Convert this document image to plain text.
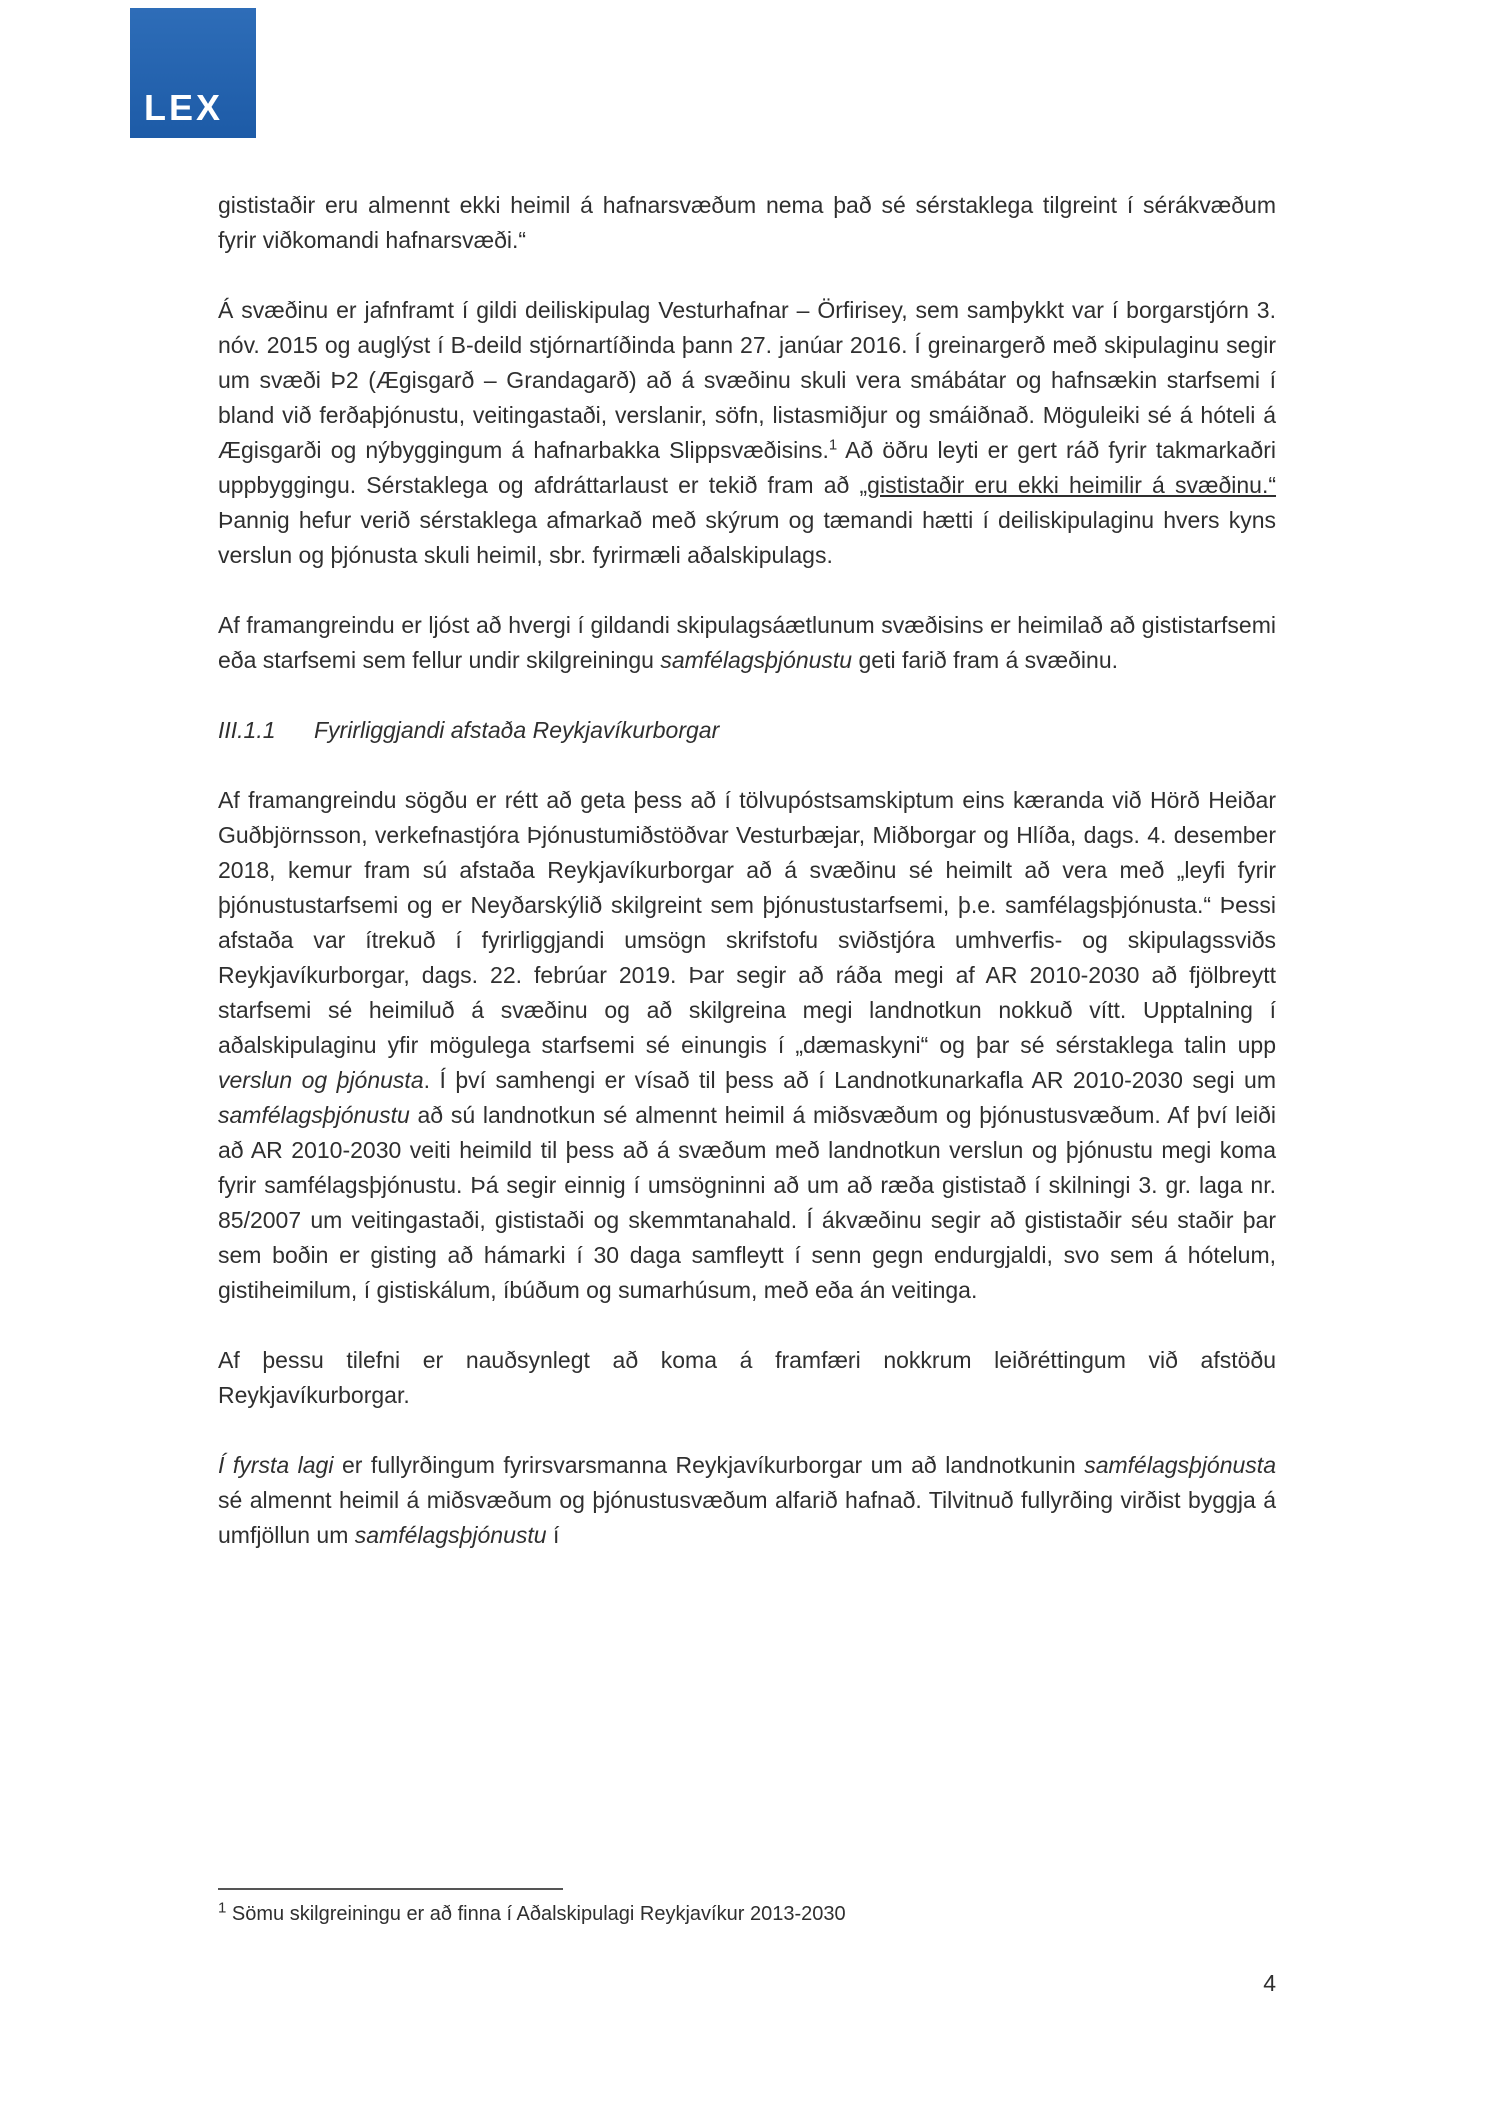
LEX

gististaðir eru almennt ekki heimil á hafnarsvæðum nema það sé sérstaklega tilgreint í sérákvæðum fyrir viðkomandi hafnarsvæði.“

Á svæðinu er jafnframt í gildi deiliskipulag Vesturhafnar – Örfirisey, sem samþykkt var í borgarstjórn 3. nóv. 2015 og auglýst í B-deild stjórnartíðinda þann 27. janúar 2016. Í greinargerð með skipulaginu segir um svæði Þ2 (Ægisgarð – Grandagarð) að á svæðinu skuli vera smábátar og hafnsækin starfsemi í bland við ferðaþjónustu, veitingastaði, verslanir, söfn, listasmiðjur og smáiðnað. Möguleiki sé á hóteli á Ægisgarði og nýbyggingum á hafnarbakka Slippsvæðisins.$^1$ Að öðru leyti er gert ráð fyrir takmarkaðri uppbyggingu. Sérstaklega og afdráttarlaust er tekið fram að „gististaðir eru ekki heimilir á svæðinu.“ Þannig hefur verið sérstaklega afmarkað með skýrum og tæmandi hætti í deiliskipulaginu hvers kyns verslun og þjónusta skuli heimil, sbr. fyrirmæli aðalskipulags.

Af framangreindu er ljóst að hvergi í gildandi skipulagsáætlunum svæðisins er heimilað að gististarfsemi eða starfsemi sem fellur undir skilgreiningu samfélagsþjónustu geti farið fram á svæðinu.

III.1.1 Fyrirliggjandi afstaða Reykjavíkurborgar

Af framangreindu sögðu er rétt að geta þess að í tölvupóstsamskiptum eins kæranda við Hörð Heiðar Guðbjörnsson, verkefnastjóra Þjónustumiðstöðvar Vesturbæjar, Miðborgar og Hlíða, dags. 4. desember 2018, kemur fram sú afstaða Reykjavíkurborgar að á svæðinu sé heimilt að vera með „leyfi fyrir þjónustustarfsemi og er Neyðarskýlið skilgreint sem þjónustustarfsemi, þ.e. samfélagsþjónusta.“ Þessi afstaða var ítrekuð í fyrirliggjandi umsögn skrifstofu sviðstjóra umhverfis- og skipulagssviðs Reykjavíkurborgar, dags. 22. febrúar 2019. Þar segir að ráða megi af AR 2010-2030 að fjölbreytt starfsemi sé heimiluð á svæðinu og að skilgreina megi landnotkun nokkuð vítt. Upptalning í aðalskipulaginu yfir mögulega starfsemi sé einungis í „dæmaskyni“ og þar sé sérstaklega talin upp verslun og þjónusta. Í því samhengi er vísað til þess að í Landnotkunarkafla AR 2010-2030 segi um samfélagsþjónustu að sú landnotkun sé almennt heimil á miðsvæðum og þjónustusvæðum. Af því leiði að AR 2010-2030 veiti heimild til þess að á svæðum með landnotkun verslun og þjónustu megi koma fyrir samfélagsþjónustu. Þá segir einnig í umsögninni að um að ræða gististað í skilningi 3. gr. laga nr. 85/2007 um veitingastaði, gististaði og skemmtanahald. Í ákvæðinu segir að gististaðir séu staðir þar sem boðin er gisting að hámarki í 30 daga samfleytt í senn gegn endurgjaldi, svo sem á hótelum, gistiheimilum, í gistiskálum, íbúðum og sumarhúsum, með eða án veitinga.

Af þessu tilefni er nauðsynlegt að koma á framfæri nokkrum leiðréttingum við afstöðu Reykjavíkurborgar.

Í fyrsta lagi er fullyrðingum fyrirsvarsmanna Reykjavíkurborgar um að landnotkunin samfélagsþjónusta sé almennt heimil á miðsvæðum og þjónustusvæðum alfarið hafnað. Tilvitnuð fullyrðing virðist byggja á umfjöllun um samfélagsþjónustu í

$^1$ Sömu skilgreiningu er að finna í Aðalskipulagi Reykjavíkur 2013-2030
4
